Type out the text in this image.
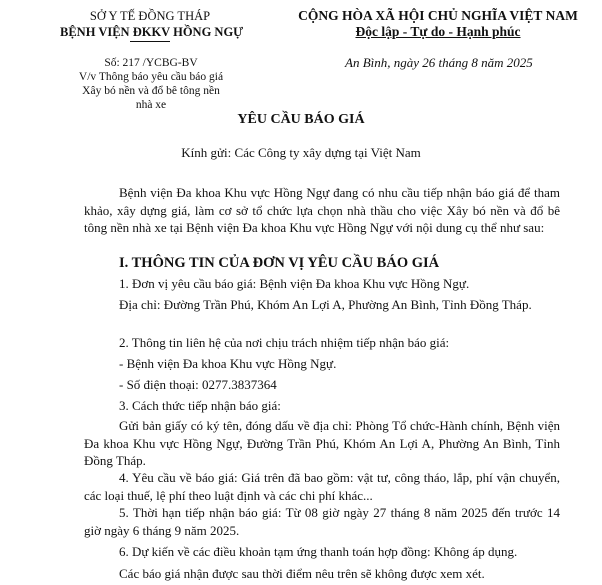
SỞ Y TẾ ĐỒNG THÁP
BỆNH VIỆN ĐKKV HỒNG NGỰ
CỘNG HÒA XÃ HỘI CHỦ NGHĨA VIỆT NAM
Độc lập - Tự do - Hạnh phúc
Số: 217 /YCBG-BV
V/v Thông báo yêu cầu báo giá
Xây bó nền và đổ bê tông nền
nhà xe
An Bình, ngày 26 tháng 8 năm 2025
YÊU CẦU BÁO GIÁ
Kính gửi: Các Công ty xây dựng tại Việt Nam
Bệnh viện Đa khoa Khu vực Hồng Ngự đang có nhu cầu tiếp nhận báo giá để tham khảo, xây dựng giá, làm cơ sở tổ chức lựa chọn nhà thầu cho việc Xây bó nền và đổ bê tông nền nhà xe tại Bệnh viện Đa khoa Khu vực Hồng Ngự với nội dung cụ thể như sau:
I. THÔNG TIN CỦA ĐƠN VỊ YÊU CẦU BÁO GIÁ
1. Đơn vị yêu cầu báo giá: Bệnh viện Đa khoa Khu vực Hồng Ngự.
Địa chỉ: Đường Trần Phú, Khóm An Lợi A, Phường An Bình, Tỉnh Đồng Tháp.
2. Thông tin liên hệ của nơi chịu trách nhiệm tiếp nhận báo giá:
- Bệnh viện Đa khoa Khu vực Hồng Ngự.
- Số điện thoại: 0277.3837364
3. Cách thức tiếp nhận báo giá:
Gửi bản giấy có ký tên, đóng dấu về địa chỉ: Phòng Tổ chức-Hành chính, Bệnh viện Đa khoa Khu vực Hồng Ngự, Đường Trần Phú, Khóm An Lợi A, Phường An Bình, Tỉnh Đồng Tháp.
4. Yêu cầu về báo giá: Giá trên đã bao gồm: vật tư, công tháo, lắp, phí vận chuyển, các loại thuế, lệ phí theo luật định và các chi phí khác...
5. Thời hạn tiếp nhận báo giá: Từ 08 giờ ngày 27 tháng 8 năm 2025 đến trước 14 giờ ngày 6 tháng 9 năm 2025.
6. Dự kiến về các điều khoản tạm ứng thanh toán hợp đồng: Không áp dụng.
Các báo giá nhận được sau thời điểm nêu trên sẽ không được xem xét.
